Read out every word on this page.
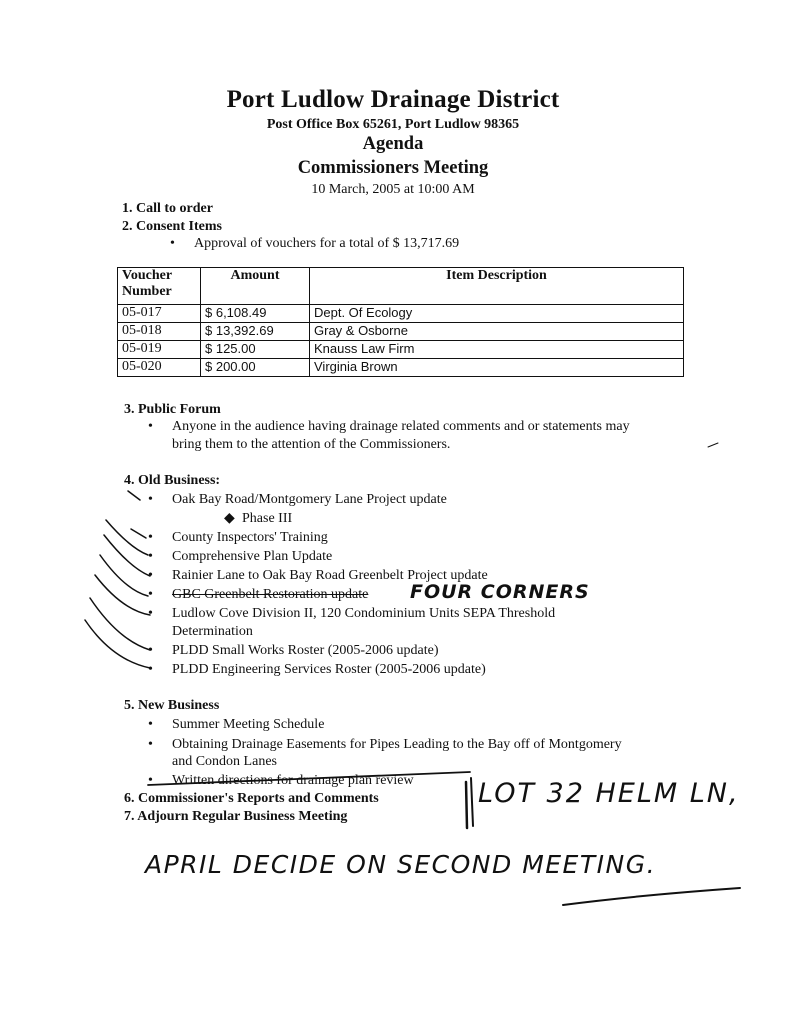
Port Ludlow Drainage District
Post Office Box 65261, Port Ludlow 98365
Agenda
Commissioners Meeting
10 March, 2005 at 10:00 AM
1. Call to order
2. Consent Items
• Approval of vouchers for a total of $ 13,717.69
Voucher
Number	Amount	Item Description
05-017	$ 6,108.49	Dept. Of Ecology
05-018	$ 13,392.69	Gray & Osborne
05-019	$ 125.00	Knauss Law Firm
05-020	$ 200.00	Virginia Brown
3. Public Forum
• Anyone in the audience having drainage related comments and or statements may
bring them to the attention of the Commissioners.
4. Old Business:
• Oak Bay Road/Montgomery Lane Project update
◆ Phase III
• County Inspectors' Training
• Comprehensive Plan Update
• Rainier Lane to Oak Bay Road Greenbelt Project update
• GBC Greenbelt Restoration update FOUR CORNERS
• Ludlow Cove Division II, 120 Condominium Units SEPA Threshold
Determination
• PLDD Small Works Roster (2005-2006 update)
• PLDD Engineering Services Roster (2005-2006 update)
5. New Business
• Summer Meeting Schedule
• Obtaining Drainage Easements for Pipes Leading to the Bay off of Montgomery
and Condon Lanes
• Written directions for drainage plan review
6. Commissioner's Reports and Comments
7. Adjourn Regular Business Meeting
LOT 32 HELM LN,
APRIL DECIDE ON SECOND MEETING.
